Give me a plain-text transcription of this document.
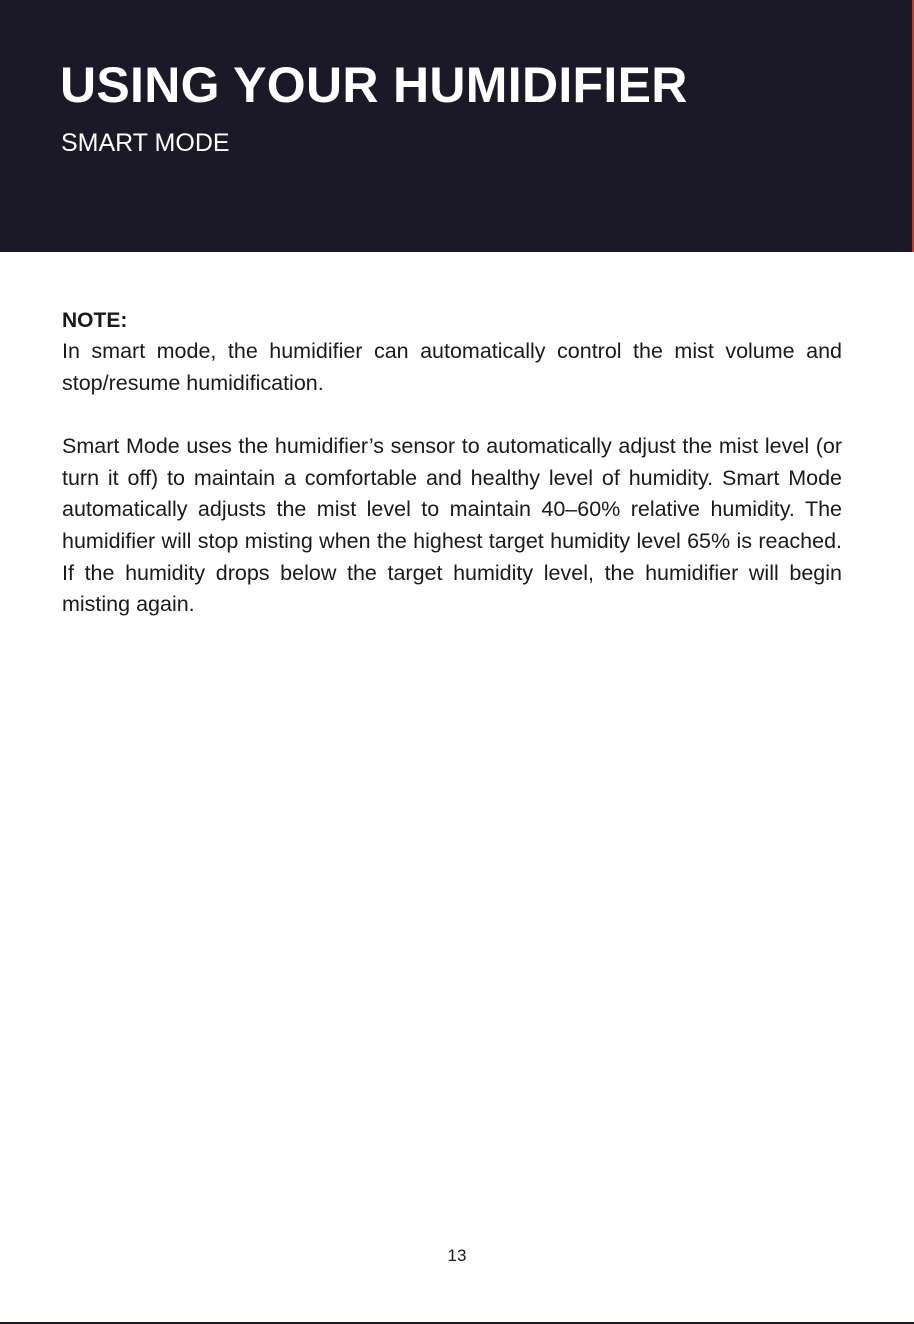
USING YOUR HUMIDIFIER
SMART MODE

NOTE:

In smart mode, the humidifier can automatically control the mist volume and stop/resume humidification.

Smart Mode uses the humidifier’s sensor to automatically adjust the mist level (or turn it off) to maintain a comfortable and healthy level of humidity. Smart Mode automatically adjusts the mist level to maintain 40–60% relative humidity. The humidifier will stop misting when the highest target humidity level 65% is reached. If the humidity drops below the target humidity level, the humidifier will begin misting again.

13
